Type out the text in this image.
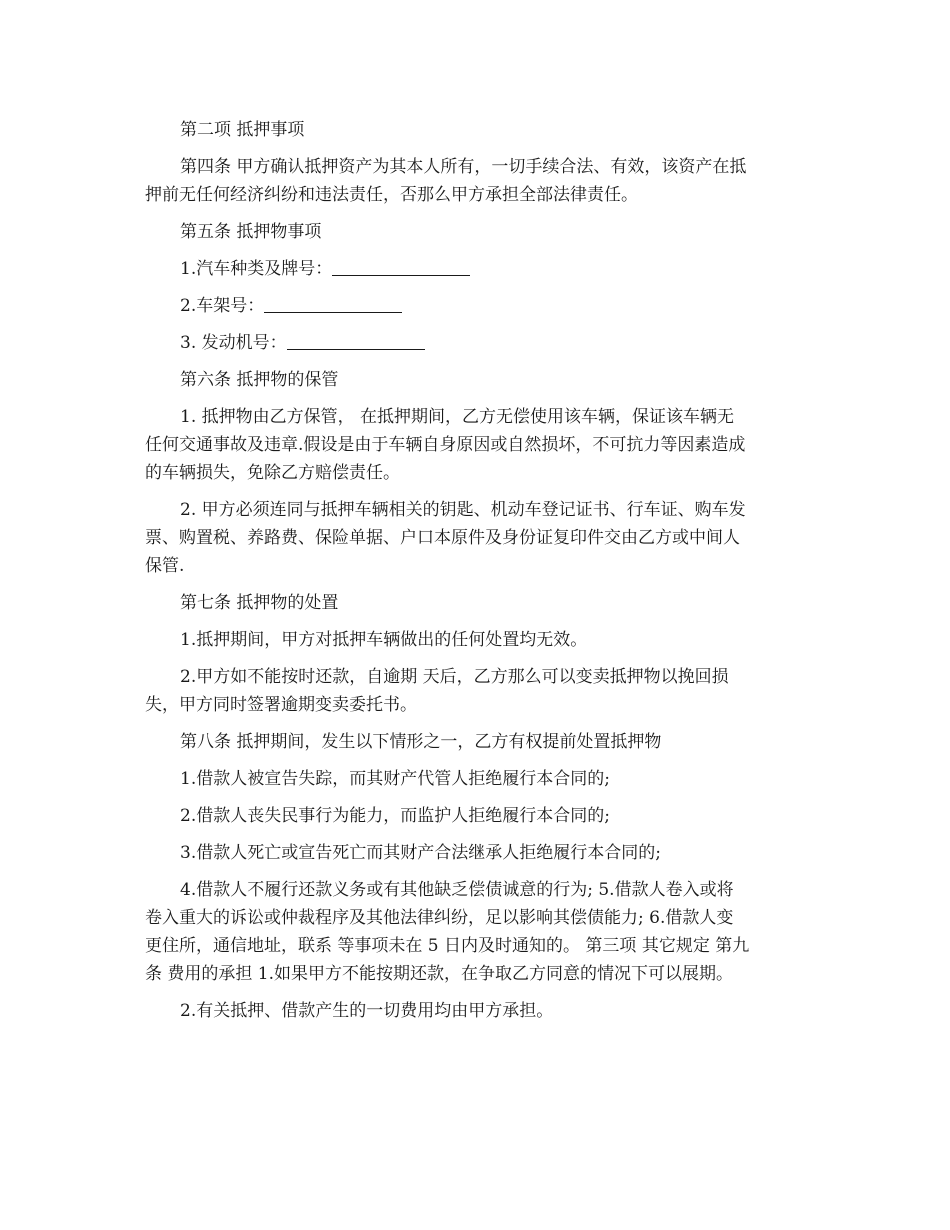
第二项 抵押事项

第四条 甲方确认抵押资产为其本人所有，一切手续合法、有效，该资产在抵
押前无任何经济纠纷和违法责任，否那么甲方承担全部法律责任。

第五条 抵押物事项

1.汽车种类及牌号：

2.车架号：

3. 发动机号：

第六条 抵押物的保管

1. 抵押物由乙方保管， 在抵押期间，乙方无偿使用该车辆，保证该车辆无
任何交通事故及违章.假设是由于车辆自身原因或自然损坏，不可抗力等因素造成
的车辆损失，免除乙方赔偿责任。

2. 甲方必须连同与抵押车辆相关的钥匙、机动车登记证书、行车证、购车发
票、购置税、养路费、保险单据、户口本原件及身份证复印件交由乙方或中间人
保管.

第七条 抵押物的处置

1.抵押期间，甲方对抵押车辆做出的任何处置均无效。

2.甲方如不能按时还款，自逾期 天后，乙方那么可以变卖抵押物以挽回损
失，甲方同时签署逾期变卖委托书。

第八条 抵押期间，发生以下情形之一，乙方有权提前处置抵押物

1.借款人被宣告失踪，而其财产代管人拒绝履行本合同的;

2.借款人丧失民事行为能力，而监护人拒绝履行本合同的;

3.借款人死亡或宣告死亡而其财产合法继承人拒绝履行本合同的;

4.借款人不履行还款义务或有其他缺乏偿债诚意的行为; 5.借款人卷入或将
卷入重大的诉讼或仲裁程序及其他法律纠纷，足以影响其偿债能力; 6.借款人变
更住所，通信地址，联系 等事项未在 5 日内及时通知的。 第三项 其它规定 第九
条 费用的承担 1.如果甲方不能按期还款，在争取乙方同意的情况下可以展期。

2.有关抵押、借款产生的一切费用均由甲方承担。
